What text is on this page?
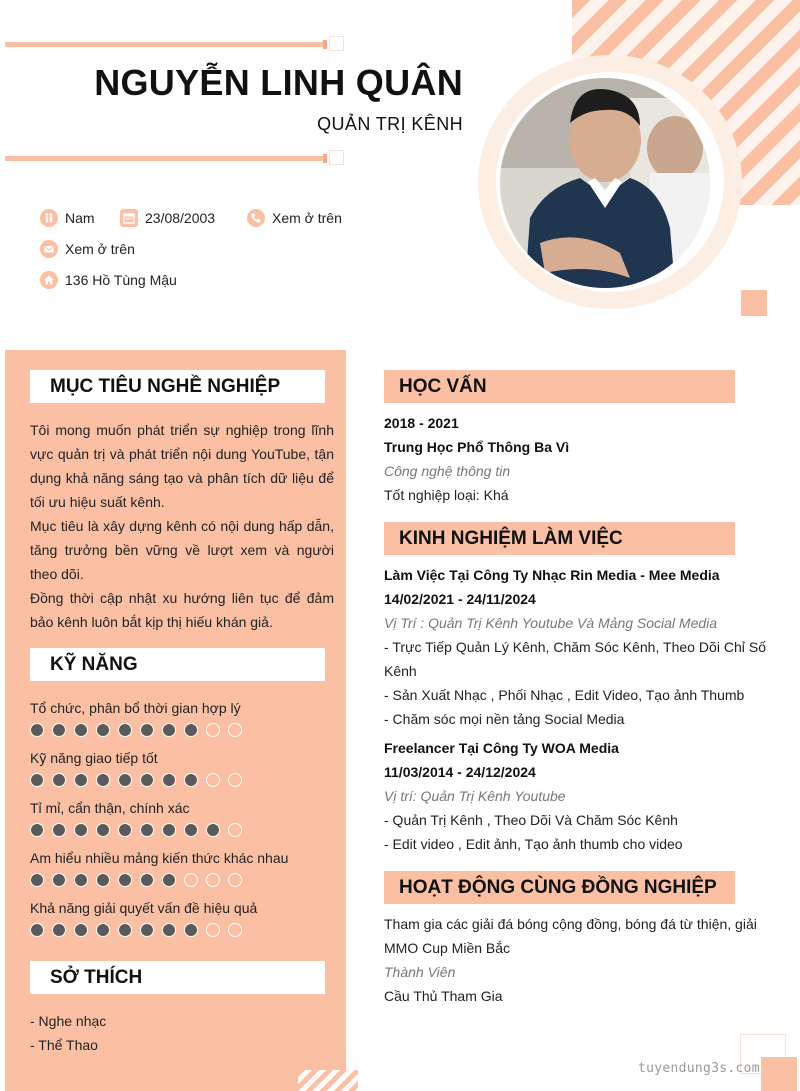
NGUYỄN LINH QUÂN
QUẢN TRỊ KÊNH
Nam	23/08/2003	Xem ở trên
Xem ở trên
136 Hồ Tùng Mậu
MỤC TIÊU NGHỀ NGHIỆP

Tôi mong muốn phát triển sự nghiệp trong lĩnh vực quản trị và phát triển nội dung YouTube, tận dụng khả năng sáng tạo và phân tích dữ liệu để tối ưu hiệu suất kênh.

Mục tiêu là xây dựng kênh có nội dung hấp dẫn, tăng trưởng bền vững về lượt xem và người theo dõi.

Đồng thời cập nhật xu hướng liên tục để đảm bảo kênh luôn bắt kịp thị hiếu khán giả.

KỸ NĂNG
Tổ chức, phân bổ thời gian hợp lý
Kỹ năng giao tiếp tốt
Tỉ mỉ, cẩn thận, chính xác
Am hiểu nhiều mảng kiến thức khác nhau
Khả năng giải quyết vấn đề hiệu quả
SỞ THÍCH
- Nghe nhạc
- Thể Thao
HỌC VẤN
2018 - 2021
Trung Học Phổ Thông Ba Vì
Công nghệ thông tin
Tốt nghiệp loại: Khá
KINH NGHIỆM LÀM VIỆC
Làm Việc Tại Công Ty Nhạc Rin Media - Mee Media
14/02/2021 - 24/11/2024
Vị Trí : Quản Trị Kênh Youtube Và Mảng Social Media
- Trực Tiếp Quản Lý Kênh, Chăm Sóc Kênh, Theo Dõi Chỉ Số Kênh
- Sản Xuất Nhạc , Phối Nhạc , Edit Video, Tạo ảnh Thumb
- Chăm sóc mọi nền tảng Social Media
Freelancer Tại Công Ty WOA Media
11/03/2014 - 24/12/2024
Vị trí: Quản Trị Kênh Youtube
- Quản Trị Kênh , Theo Dõi Và Chăm Sóc Kênh
- Edit video , Edit ảnh, Tạo ảnh thumb cho video
HOẠT ĐỘNG CÙNG ĐỒNG NGHIỆP
Tham gia các giải đá bóng cộng đồng, bóng đá từ thiện, giải MMO Cup Miền Bắc
Thành Viên
Cầu Thủ Tham Gia
tuyendung3s.com
